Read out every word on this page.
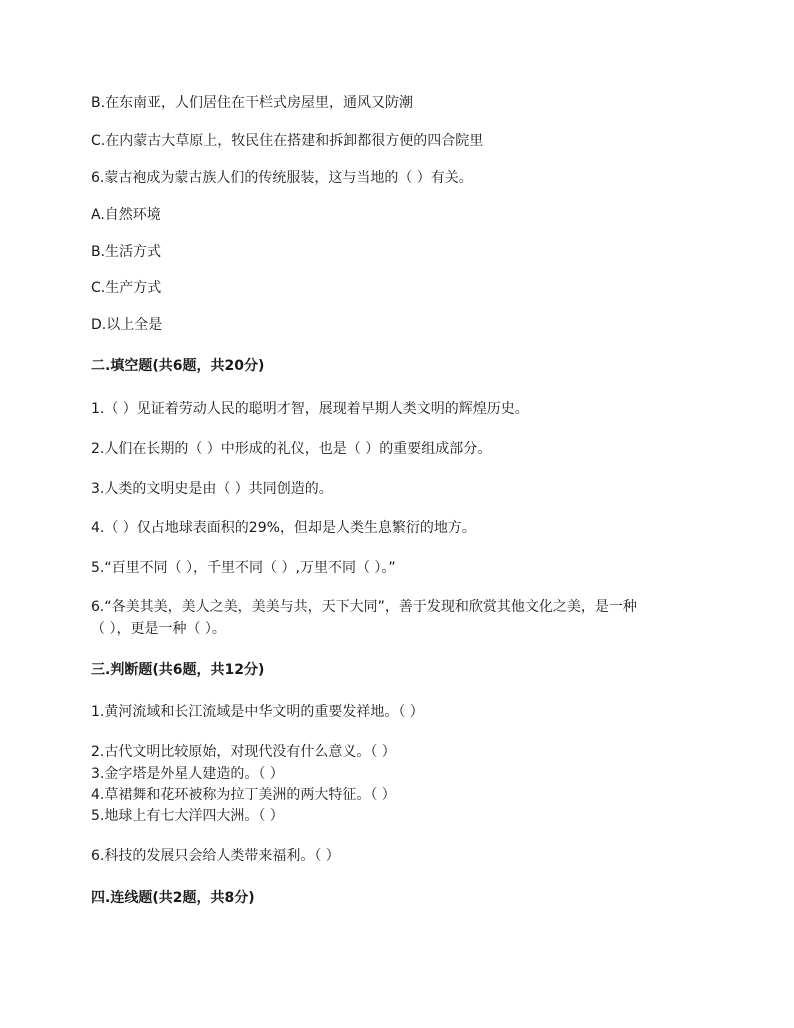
B.在东南亚，人们居住在干栏式房屋里，通风又防潮
C.在内蒙古大草原上，牧民住在搭建和拆卸都很方便的四合院里
6.蒙古袍成为蒙古族人们的传统服装，这与当地的（ ）有关。
A.自然环境
B.生活方式
C.生产方式
D.以上全是
二.填空题(共6题，共20分)
1.（ ）见证着劳动人民的聪明才智，展现着早期人类文明的辉煌历史。
2.人们在长期的（ ）中形成的礼仪，也是（ ）的重要组成部分。
3.人类的文明史是由（ ）共同创造的。
4.（ ）仅占地球表面积的29%，但却是人类生息繁衍的地方。
5.“百里不同（ ），千里不同（ ）,万里不同（ ）。”
6.“各美其美，美人之美，美美与共，天下大同”，善于发现和欣赏其他文化之美，是一种
（ ），更是一种（ ）。
三.判断题(共6题，共12分)
1.黄河流域和长江流域是中华文明的重要发祥地。（ ）
2.古代文明比较原始，对现代没有什么意义。（ ）
3.金字塔是外星人建造的。（ ）
4.草裙舞和花环被称为拉丁美洲的两大特征。（ ）
5.地球上有七大洋四大洲。（ ）
6.科技的发展只会给人类带来福利。（ ）
四.连线题(共2题，共8分)
